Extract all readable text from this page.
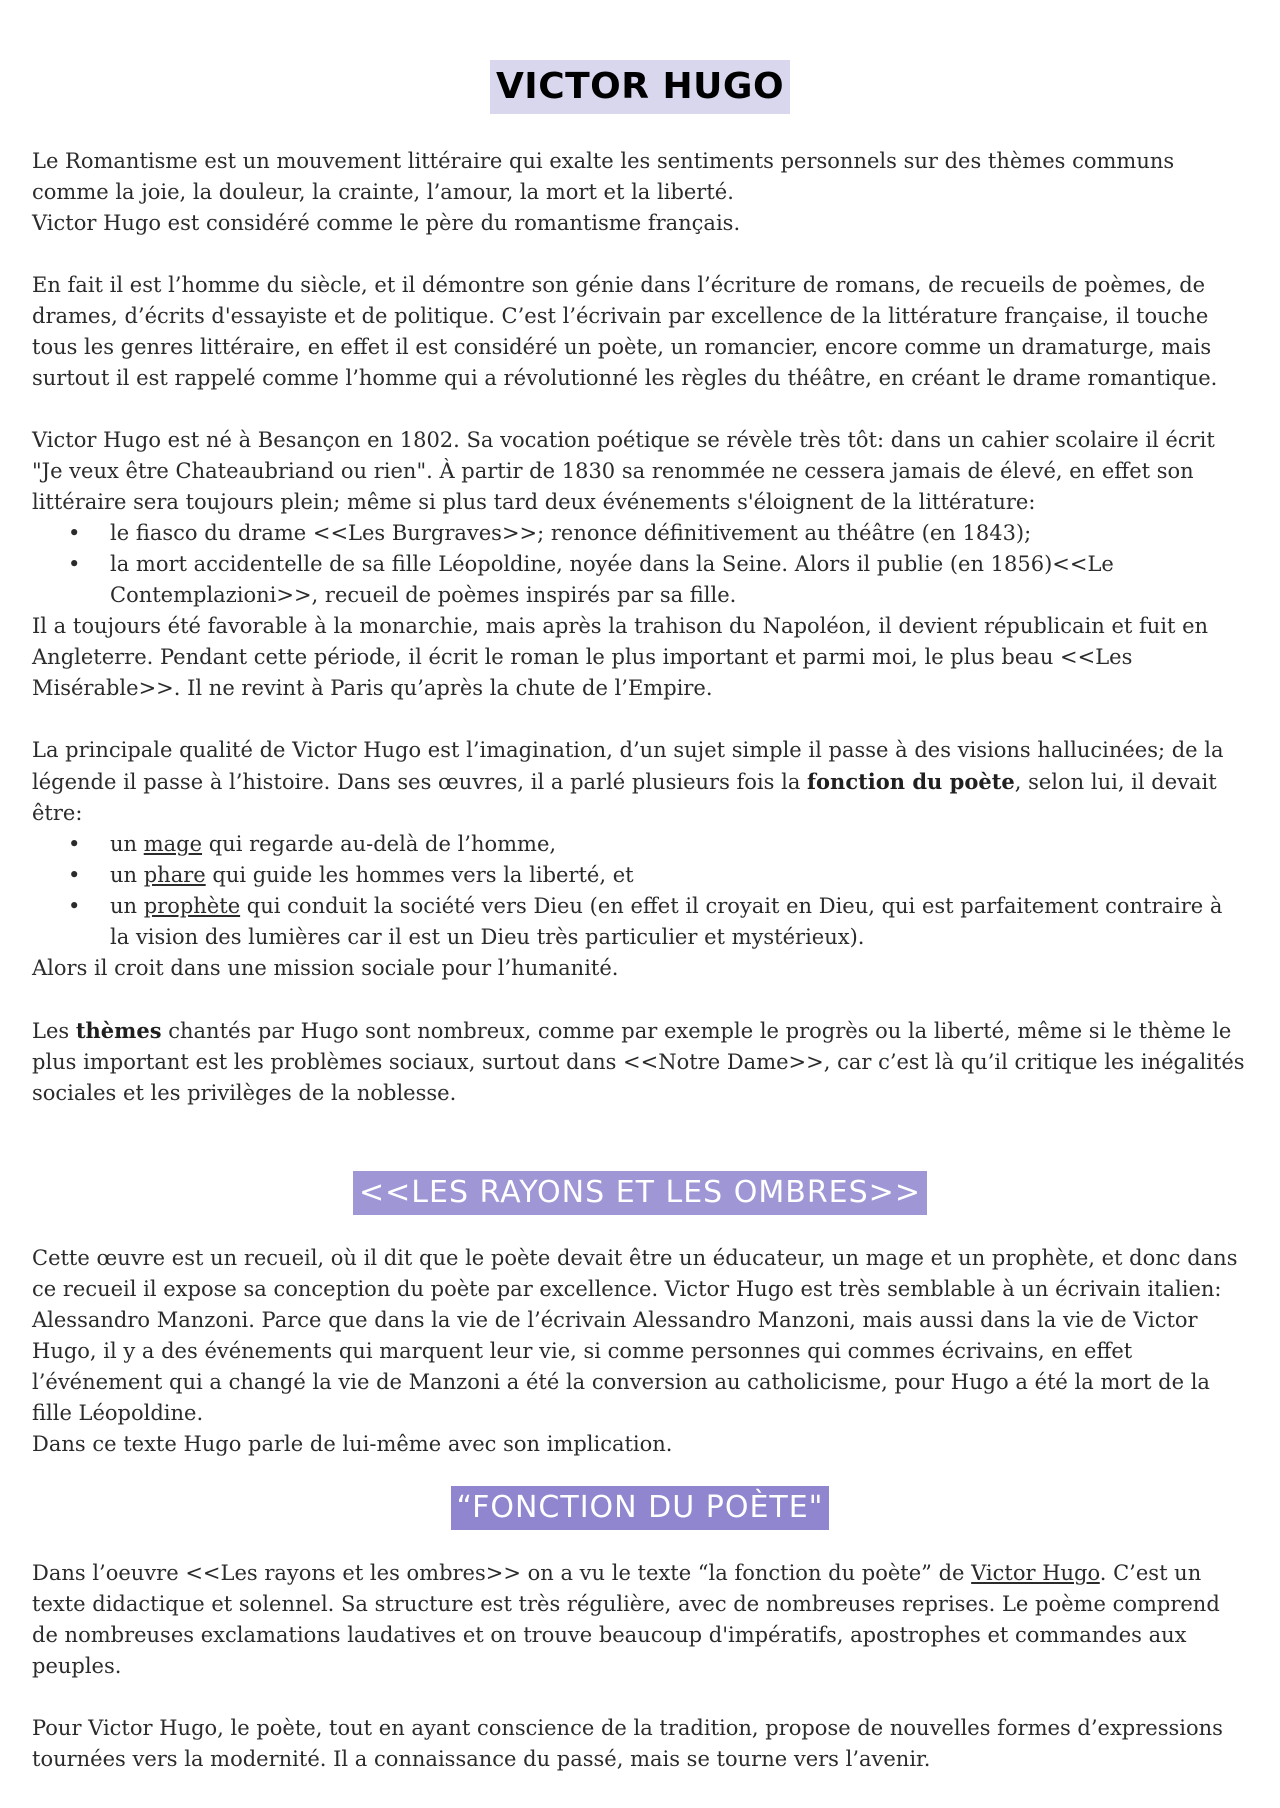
VICTOR HUGO

Le Romantisme est un mouvement littéraire qui exalte les sentiments personnels sur des thèmes communs comme la joie, la douleur, la crainte, l’amour, la mort et la liberté.

Victor Hugo est considéré comme le père du romantisme français.

En fait il est l’homme du siècle, et il démontre son génie dans l’écriture de romans, de recueils de poèmes, de drames, d’écrits d'essayiste et de politique. C’est l’écrivain par excellence de la littérature française, il touche tous les genres littéraire, en effet il est considéré un poète, un romancier, encore comme un dramaturge, mais surtout il est rappelé comme l’homme qui a révolutionné les règles du théâtre, en créant le drame romantique.

Victor Hugo est né à Besançon en 1802. Sa vocation poétique se révèle très tôt: dans un cahier scolaire il écrit "Je veux être Chateaubriand ou rien". À partir de 1830 sa renommée ne cessera jamais de élevé, en effet son littéraire sera toujours plein; même si plus tard deux événements s'éloignent de la littérature:

• le fiasco du drame <<Les Burgraves>>; renonce définitivement au théâtre (en 1843);
• la mort accidentelle de sa fille Léopoldine, noyée dans la Seine. Alors il publie (en 1856)<<Le Contemplazioni>>, recueil de poèmes inspirés par sa fille.

Il a toujours été favorable à la monarchie, mais après la trahison du Napoléon, il devient républicain et fuit en Angleterre. Pendant cette période, il écrit le roman le plus important et parmi moi, le plus beau <<Les Misérable>>. Il ne revint à Paris qu’après la chute de l’Empire.

La principale qualité de Victor Hugo est l’imagination, d’un sujet simple il passe à des visions hallucinées; de la légende il passe à l’histoire. Dans ses œuvres, il a parlé plusieurs fois la fonction du poète, selon lui, il devait être:

• un mage qui regarde au-delà de l’homme,
• un phare qui guide les hommes vers la liberté, et
• un prophète qui conduit la société vers Dieu (en effet il croyait en Dieu, qui est parfaitement contraire à la vision des lumières car il est un Dieu très particulier et mystérieux).

Alors il croit dans une mission sociale pour l’humanité.

Les thèmes chantés par Hugo sont nombreux, comme par exemple le progrès ou la liberté, même si le thème le plus important est les problèmes sociaux, surtout dans <<Notre Dame>>, car c’est là qu’il critique les inégalités sociales et les privilèges de la noblesse.

<<LES RAYONS ET LES OMBRES>>

Cette œuvre est un recueil, où il dit que le poète devait être un éducateur, un mage et un prophète, et donc dans ce recueil il expose sa conception du poète par excellence. Victor Hugo est très semblable à un écrivain italien: Alessandro Manzoni. Parce que dans la vie de l’écrivain Alessandro Manzoni, mais aussi dans la vie de Victor Hugo, il y a des événements qui marquent leur vie, si comme personnes qui commes écrivains, en effet l’événement qui a changé la vie de Manzoni a été la conversion au catholicisme, pour Hugo a été la mort de la fille Léopoldine.

Dans ce texte Hugo parle de lui-même avec son implication.

“FONCTION DU POÈTE"

Dans l’oeuvre <<Les rayons et les ombres>> on a vu le texte “la fonction du poète” de Victor Hugo. C’est un texte didactique et solennel. Sa structure est très régulière, avec de nombreuses reprises. Le poème comprend de nombreuses exclamations laudatives et on trouve beaucoup d'impératifs, apostrophes et commandes aux peuples.

Pour Victor Hugo, le poète, tout en ayant conscience de la tradition, propose de nouvelles formes d’expressions tournées vers la modernité. Il a connaissance du passé, mais se tourne vers l’avenir.
